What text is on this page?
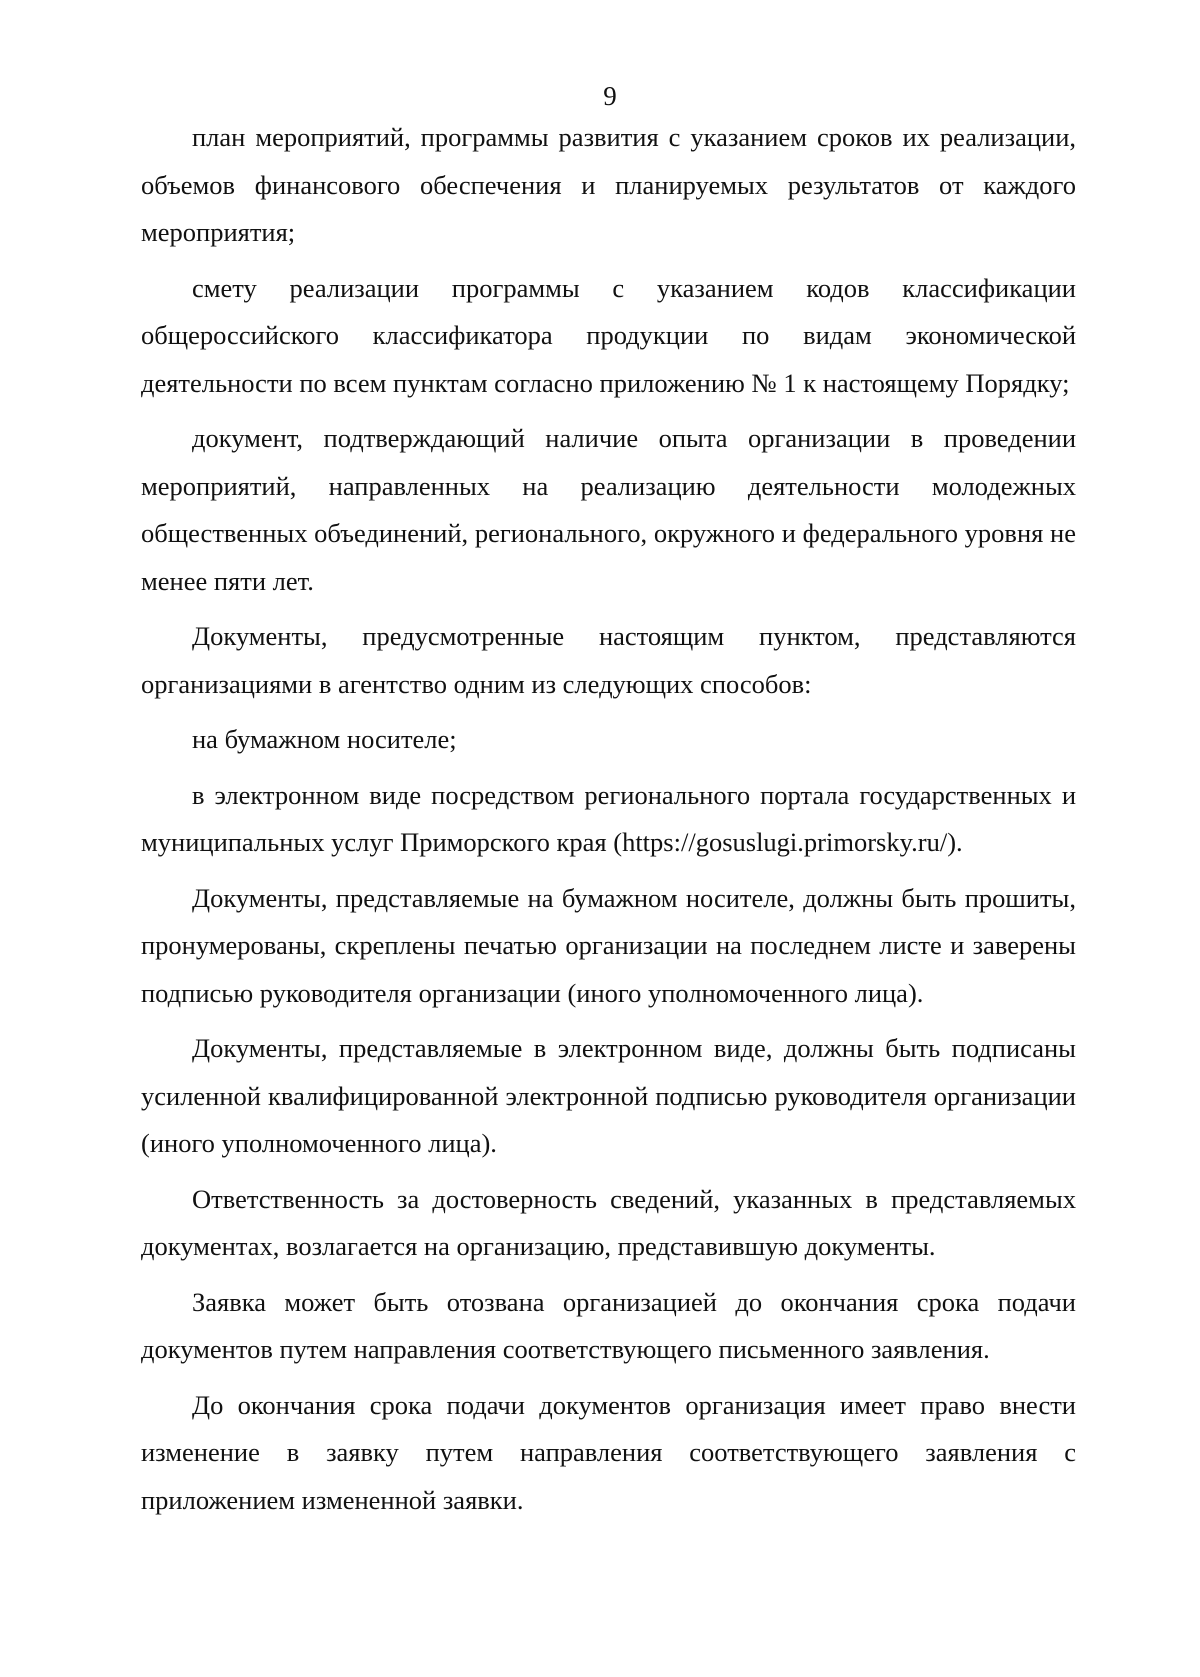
9

план мероприятий, программы развития с указанием сроков их реализации, объемов финансового обеспечения и планируемых результатов от каждого мероприятия;

смету реализации программы с указанием кодов классификации общероссийского классификатора продукции по видам экономической деятельности по всем пунктам согласно приложению № 1 к настоящему Порядку;

документ, подтверждающий наличие опыта организации в проведении мероприятий, направленных на реализацию деятельности молодежных общественных объединений, регионального, окружного и федерального уровня не менее пяти лет.

Документы, предусмотренные настоящим пунктом, представляются организациями в агентство одним из следующих способов:

на бумажном носителе;

в электронном виде посредством регионального портала государственных и муниципальных услуг Приморского края (https://gosuslugi.primorsky.ru/).

Документы, представляемые на бумажном носителе, должны быть прошиты, пронумерованы, скреплены печатью организации на последнем листе и заверены подписью руководителя организации (иного уполномоченного лица).

Документы, представляемые в электронном виде, должны быть подписаны усиленной квалифицированной электронной подписью руководителя организации (иного уполномоченного лица).

Ответственность за достоверность сведений, указанных в представляемых документах, возлагается на организацию, представившую документы.

Заявка может быть отозвана организацией до окончания срока подачи документов путем направления соответствующего письменного заявления.

До окончания срока подачи документов организация имеет право внести изменение в заявку путем направления соответствующего заявления с приложением измененной заявки.
